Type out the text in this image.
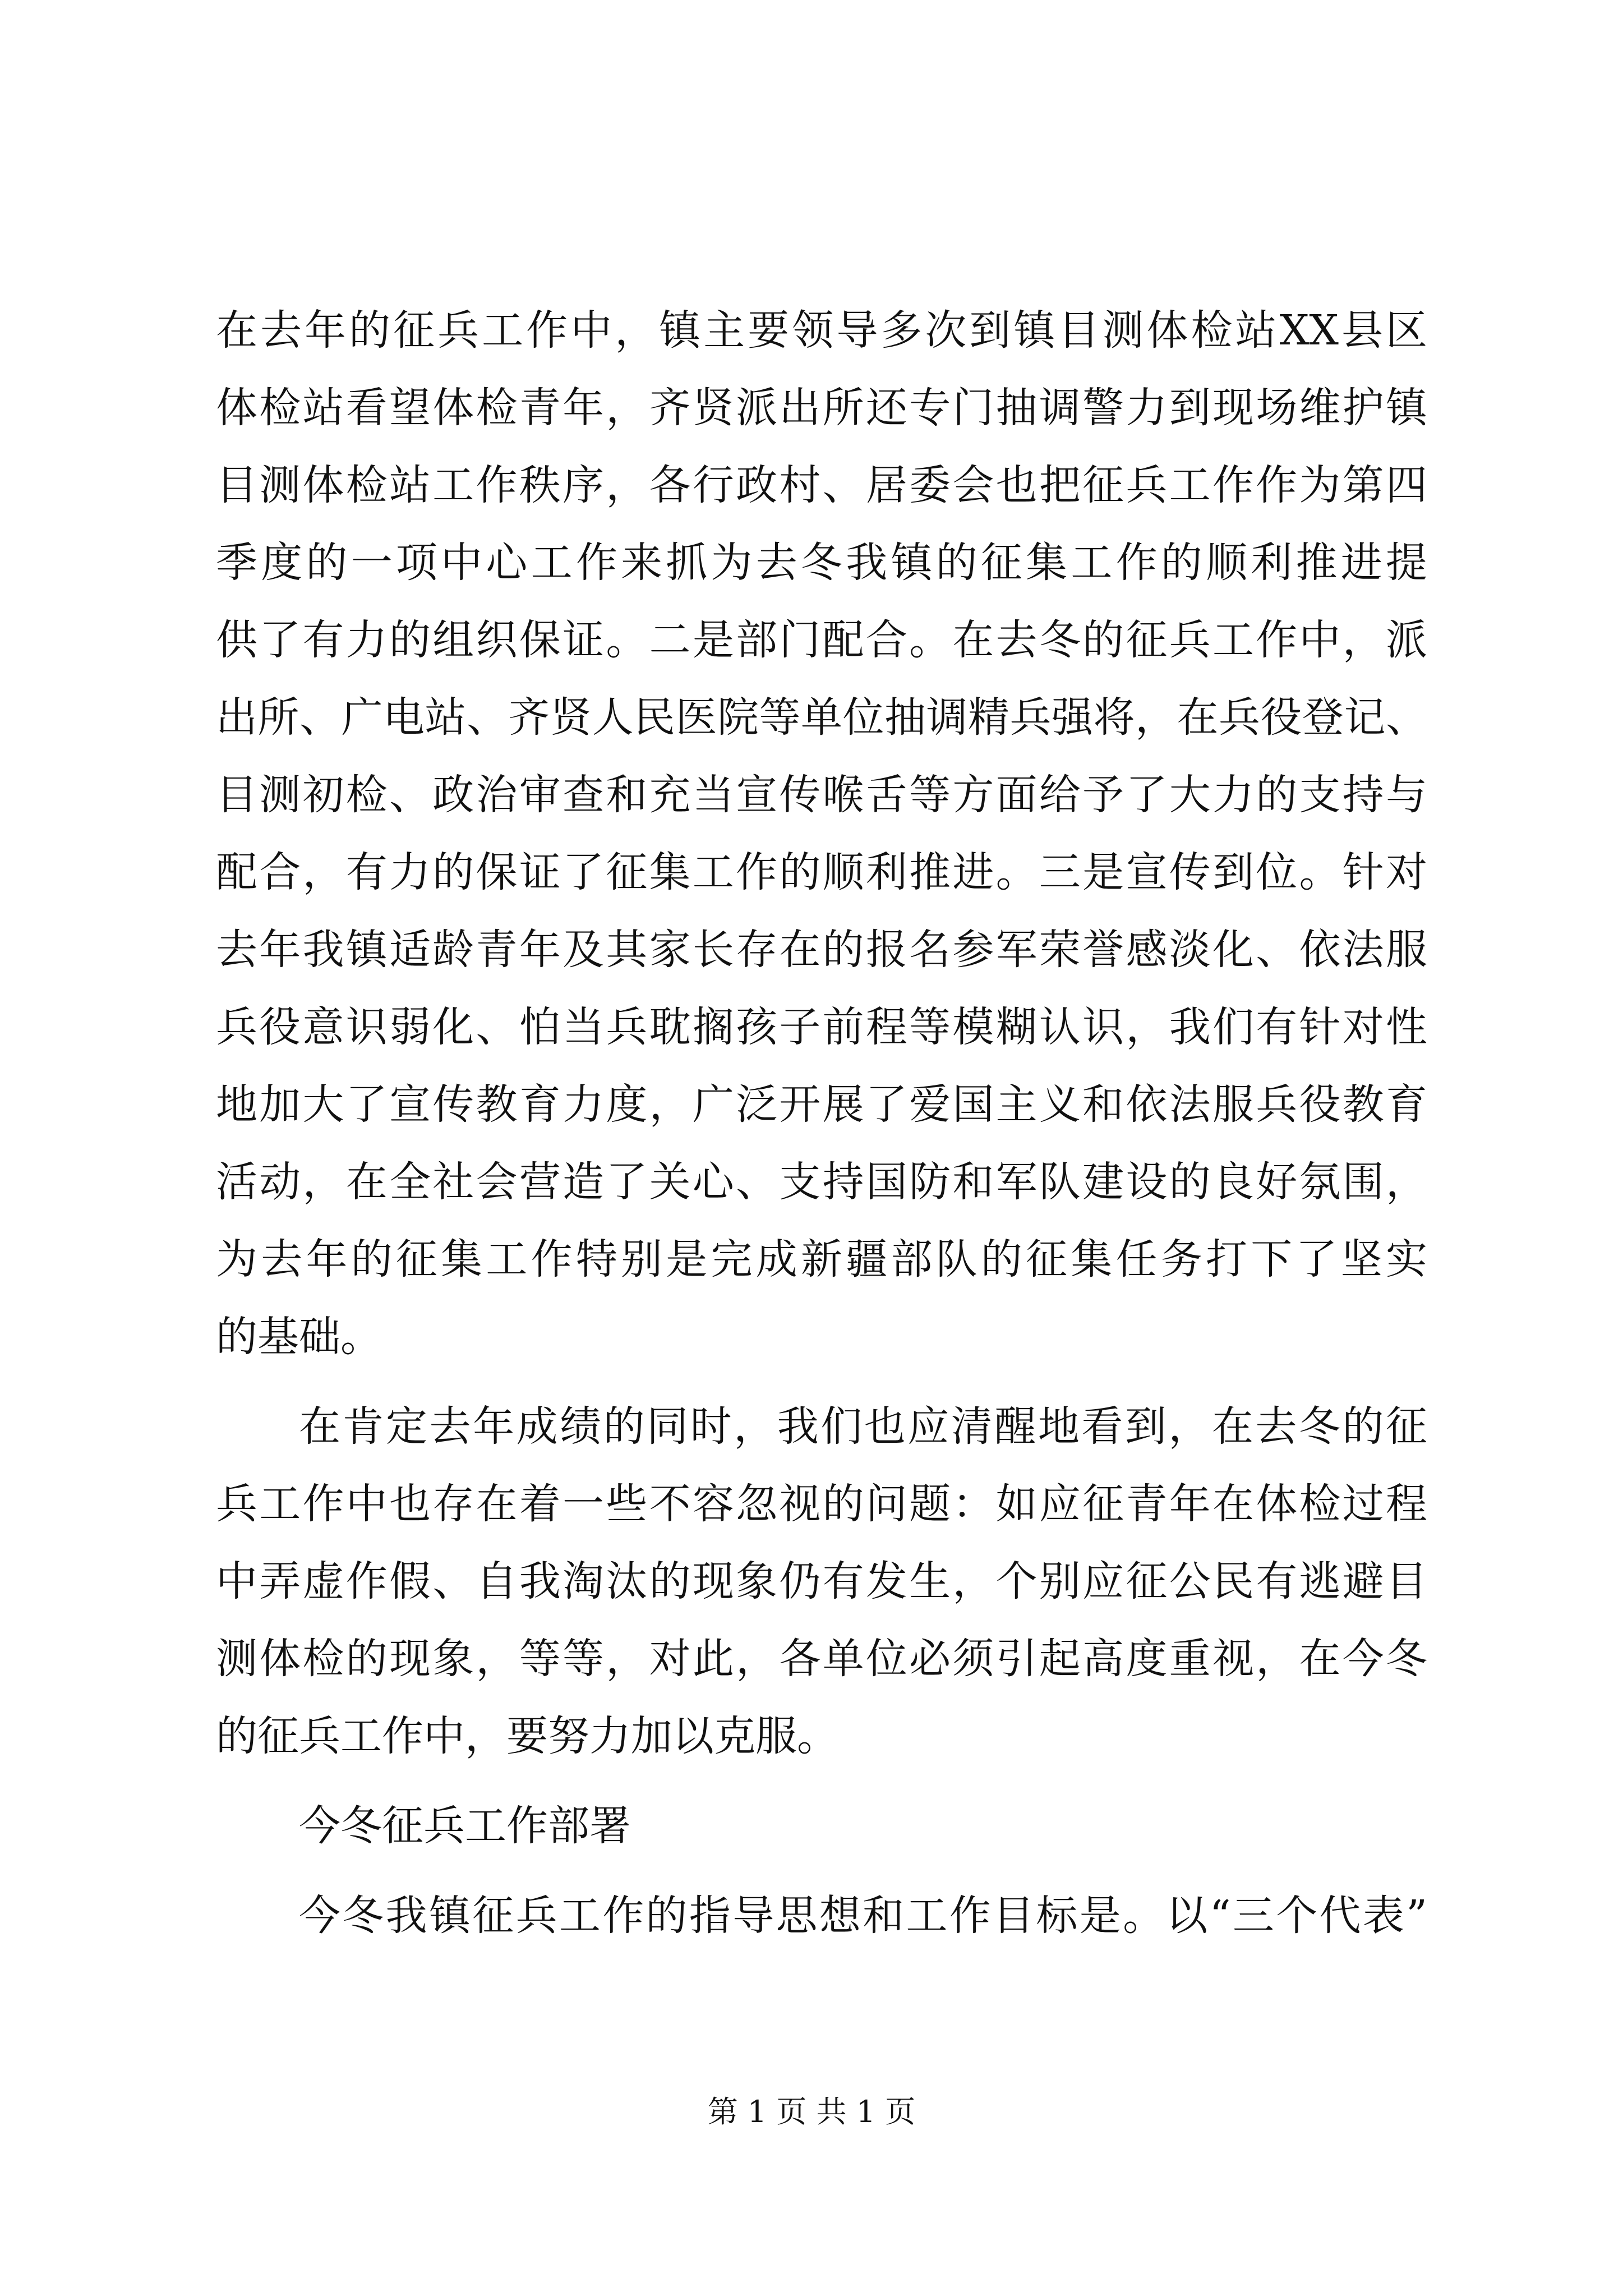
在去年的征兵工作中，镇主要领导多次到镇目测体检站XX县区

体检站看望体检青年，齐贤派出所还专门抽调警力到现场维护镇

目测体检站工作秩序，各行政村、居委会也把征兵工作作为第四

季度的一项中心工作来抓为去冬我镇的征集工作的顺利推进提

供了有力的组织保证。二是部门配合。在去冬的征兵工作中，派

出所、广电站、齐贤人民医院等单位抽调精兵强将，在兵役登记、

目测初检、政治审查和充当宣传喉舌等方面给予了大力的支持与

配合，有力的保证了征集工作的顺利推进。三是宣传到位。针对

去年我镇适龄青年及其家长存在的报名参军荣誉感淡化、依法服

兵役意识弱化、怕当兵耽搁孩子前程等模糊认识，我们有针对性

地加大了宣传教育力度，广泛开展了爱国主义和依法服兵役教育

活动，在全社会营造了关心、支持国防和军队建设的良好氛围，

为去年的征集工作特别是完成新疆部队的征集任务打下了坚实

的基础。

在肯定去年成绩的同时，我们也应清醒地看到，在去冬的征

兵工作中也存在着一些不容忽视的问题：如应征青年在体检过程

中弄虚作假、自我淘汰的现象仍有发生，个别应征公民有逃避目

测体检的现象，等等，对此，各单位必须引起高度重视，在今冬

的征兵工作中，要努力加以克服。

今冬征兵工作部署

今冬我镇征兵工作的指导思想和工作目标是。以“三个代表”

第 1 页 共 1 页
